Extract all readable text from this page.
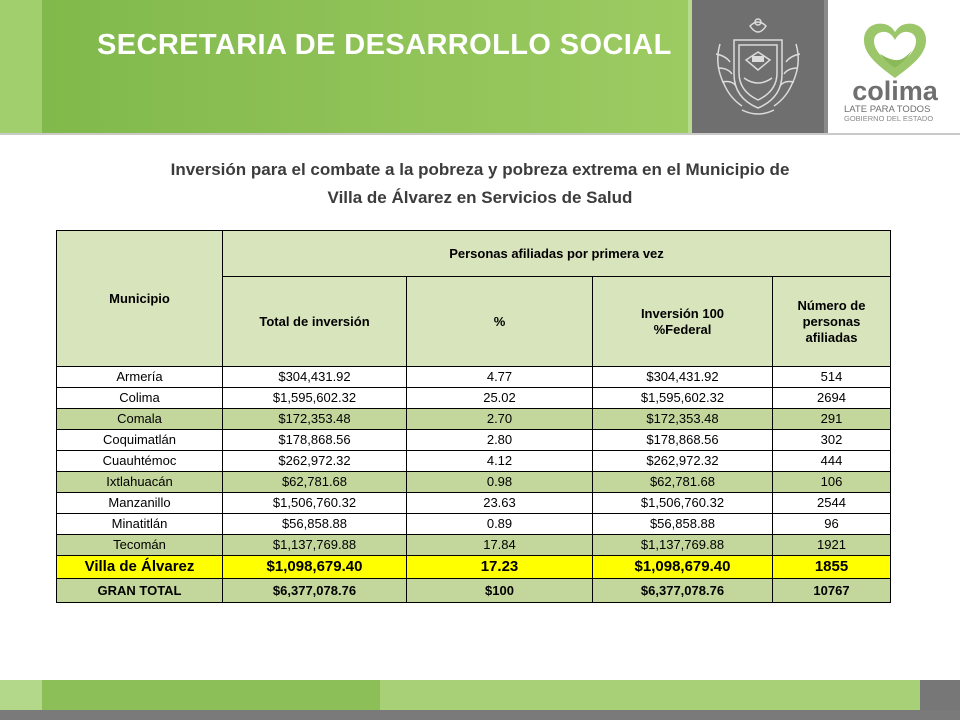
SECRETARIA DE DESARROLLO SOCIAL
colima
LATE PARA TODOS
GOBIERNO DEL ESTADO
Inversión para el combate a la pobreza y pobreza extrema en el Municipio de
Villa de Álvarez en Servicios de Salud
Municipio	Personas afiliadas por primera vez			
	Total de inversión	%	Inversión 100 %Federal	Número de personas afiliadas
Armería	$304,431.92	4.77	$304,431.92	514
Colima	$1,595,602.32	25.02	$1,595,602.32	2694
Comala	$172,353.48	2.70	$172,353.48	291
Coquimatlán	$178,868.56	2.80	$178,868.56	302
Cuauhtémoc	$262,972.32	4.12	$262,972.32	444
Ixtlahuacán	$62,781.68	0.98	$62,781.68	106
Manzanillo	$1,506,760.32	23.63	$1,506,760.32	2544
Minatitlán	$56,858.88	0.89	$56,858.88	96
Tecomán	$1,137,769.88	17.84	$1,137,769.88	1921
Villa de Álvarez	$1,098,679.40	17.23	$1,098,679.40	1855
GRAN TOTAL	$6,377,078.76	$100	$6,377,078.76	10767
